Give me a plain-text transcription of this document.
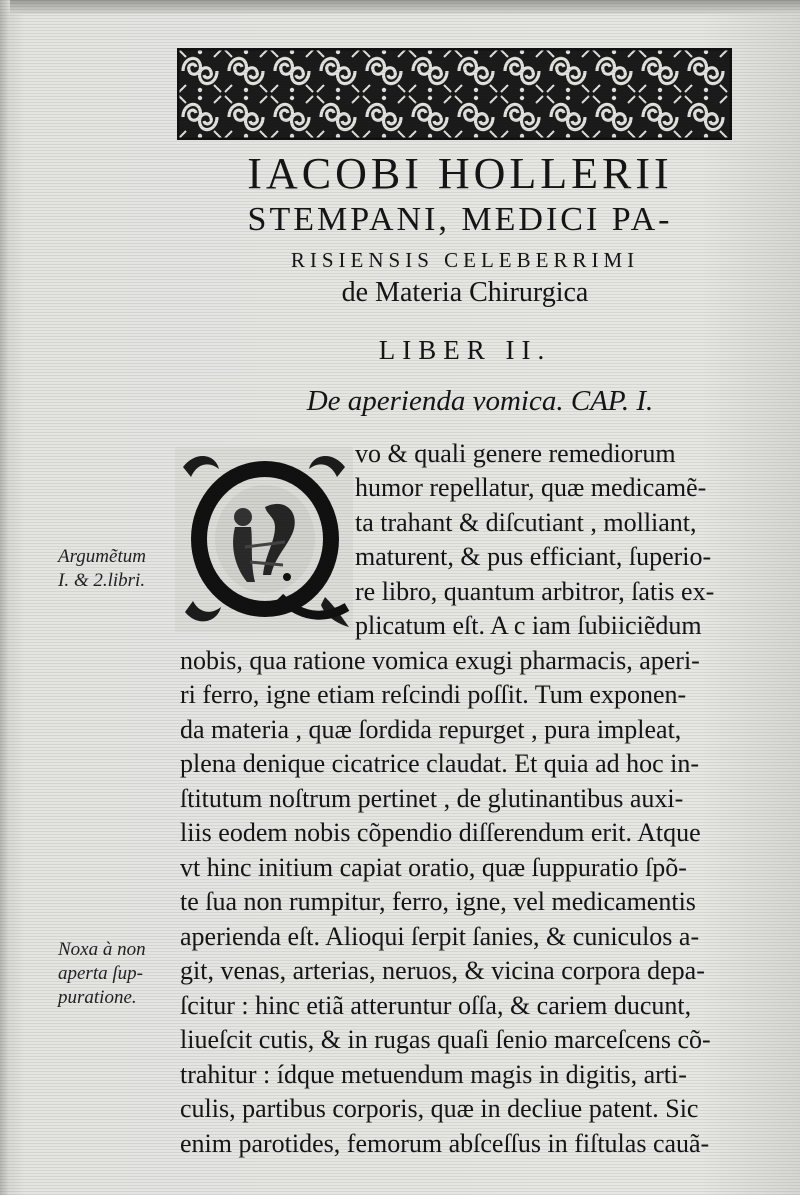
IACOBI HOLLERII
STEMPANI, MEDICI PA-
RISIENSIS CELEBERRIMI
de Materia Chirurgica
LIBER II.
De aperienda vomica. CAP. I.
Argumẽtum
I. & 2.libri.
Noxa à non
aperta ſup-
puratione.
vo & quali genere remediorum
humor repellatur, quæ medicamẽ-
ta trahant & diſcutiant , molliant,
maturent, & pus efficiant, ſuperio-
re libro, quantum arbitror, ſatis ex-
plicatum eſt. A c iam ſubiiciẽdum
nobis, qua ratione vomica exugi pharmacis, aperi-
ri ferro, igne etiam reſcindi poſſit. Tum exponen-
da materia , quæ ſordida repurget , pura impleat,
plena denique cicatrice claudat. Et quia ad hoc in-
ſtitutum noſtrum pertinet , de glutinantibus auxi-
liis eodem nobis cõpendio diſſerendum erit. Atque
vt hinc initium capiat oratio, quæ ſuppuratio ſpõ-
te ſua non rumpitur, ferro, igne, vel medicamentis
aperienda eſt. Alioqui ſerpit ſanies, & cuniculos a-
git, venas, arterias, neruos, & vicina corpora depa-
ſcitur : hinc etiã atteruntur oſſa, & cariem ducunt,
liueſcit cutis, & in rugas quaſi ſenio marceſcens cõ-
trahitur : ídque metuendum magis in digitis, arti-
culis, partibus corporis, quæ in decliue patent. Sic
enim parotides, femorum abſceſſus in fiſtulas cauã-
